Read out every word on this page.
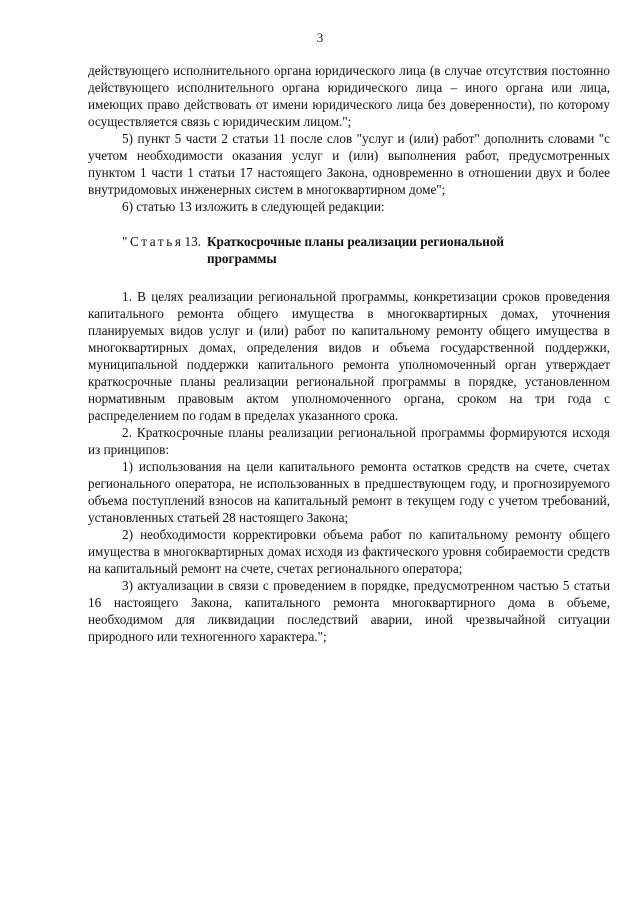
3

действующего исполнительного органа юридического лица (в случае отсутствия постоянно действующего исполнительного органа юридического лица – иного органа или лица, имеющих право действовать от имени юридического лица без доверенности), по которому осуществляется связь с юридическим лицом.";

5) пункт 5 части 2 статьи 11 после слов "услуг и (или) работ" дополнить словами "с учетом необходимости оказания услуг и (или) выполнения работ, предусмотренных пунктом 1 части 1 статьи 17 настоящего Закона, одновременно в отношении двух и более внутридомовых инженерных систем в многоквартирном доме";

6) статью 13 изложить в следующей редакции:

"Статья 13. Краткосрочные планы реализации региональной программы

1. В целях реализации региональной программы, конкретизации сроков проведения капитального ремонта общего имущества в многоквартирных домах, уточнения планируемых видов услуг и (или) работ по капитальному ремонту общего имущества в многоквартирных домах, определения видов и объема государственной поддержки, муниципальной поддержки капитального ремонта уполномоченный орган утверждает краткосрочные планы реализации региональной программы в порядке, установленном нормативным правовым актом уполномоченного органа, сроком на три года с распределением по годам в пределах указанного срока.

2. Краткосрочные планы реализации региональной программы формируются исходя из принципов:

1) использования на цели капитального ремонта остатков средств на счете, счетах регионального оператора, не использованных в предшествующем году, и прогнозируемого объема поступлений взносов на капитальный ремонт в текущем году с учетом требований, установленных статьей 28 настоящего Закона;

2) необходимости корректировки объема работ по капитальному ремонту общего имущества в многоквартирных домах исходя из фактического уровня собираемости средств на капитальный ремонт на счете, счетах регионального оператора;

3) актуализации в связи с проведением в порядке, предусмотренном частью 5 статьи 16 настоящего Закона, капитального ремонта многоквартирного дома в объеме, необходимом для ликвидации последствий аварии, иной чрезвычайной ситуации природного или техногенного характера.";
